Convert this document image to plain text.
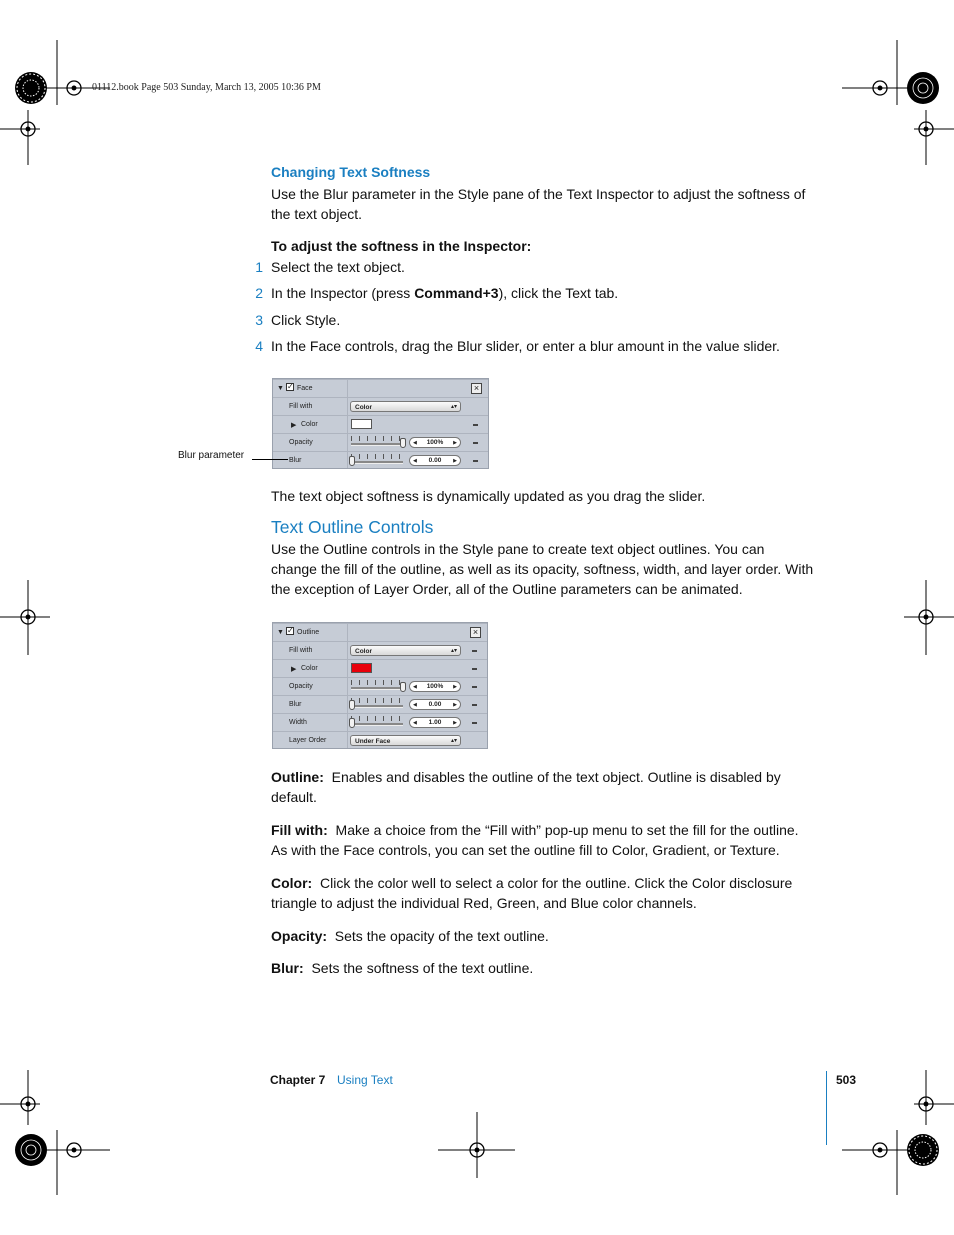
01112.book Page 503 Sunday, March 13, 2005 10:36 PM
Changing Text Softness
Use the Blur parameter in the Style pane of the Text Inspector to adjust the softness of
the text object.
To adjust the softness in the Inspector:
1 Select the text object.
2 In the Inspector (press Command+3), click the Text tab.
3 Click Style.
4 In the Face controls, drag the Blur slider, or enter a blur amount in the value slider.
▼ ✓ Face	×
Fill with	Color	▴▾
▶ Color
Opacity	◀ 100% ▶
Blur	◀ 0.00 ▶
Blur parameter
The text object softness is dynamically updated as you drag the slider.
Text Outline Controls
Use the Outline controls in the Style pane to create text object outlines. You can
change the fill of the outline, as well as its opacity, softness, width, and layer order. With
the exception of Layer Order, all of the Outline parameters can be animated.
▼ ✓ Outline	×
Fill with	Color	▴▾
▶ Color
Opacity	◀ 100% ▶
Blur	◀ 0.00 ▶
Width	◀ 1.00 ▶
Layer Order	Under Face	▴▾
Outline: Enables and disables the outline of the text object. Outline is disabled by
default.
Fill with: Make a choice from the “Fill with” pop-up menu to set the fill for the outline.
As with the Face controls, you can set the outline fill to Color, Gradient, or Texture.
Color: Click the color well to select a color for the outline. Click the Color disclosure
triangle to adjust the individual Red, Green, and Blue color channels.
Opacity: Sets the opacity of the text outline.
Blur: Sets the softness of the text outline.
Chapter 7 Using Text	503
